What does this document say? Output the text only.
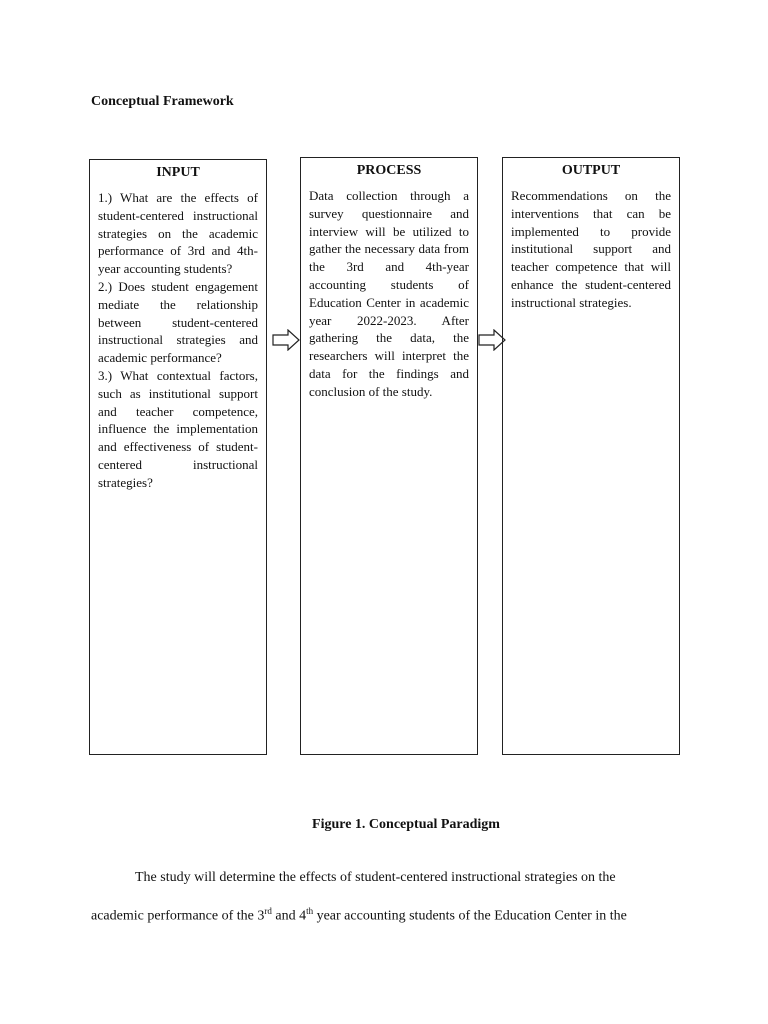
Conceptual Framework
INPUT
1.) What are the effects of student-centered instructional strategies on the academic performance of 3rd and 4th-year accounting students?
2.) Does student engagement mediate the relationship between student-centered instructional strategies and academic performance?
3.) What contextual factors, such as institutional support and teacher competence, influence the implementation and effectiveness of student-centered instructional strategies?
PROCESS
Data collection through a survey questionnaire and interview will be utilized to gather the necessary data from the 3rd and 4th-year accounting students of Education Center in academic year 2022-2023. After gathering the data, the researchers will interpret the data for the findings and conclusion of the study.
OUTPUT
Recommendations on the interventions that can be implemented to provide institutional support and teacher competence that will enhance the student-centered instructional strategies.
Figure 1. Conceptual Paradigm
The study will determine the effects of student-centered instructional strategies on the
academic performance of the 3rd and 4th year accounting students of the Education Center in the
